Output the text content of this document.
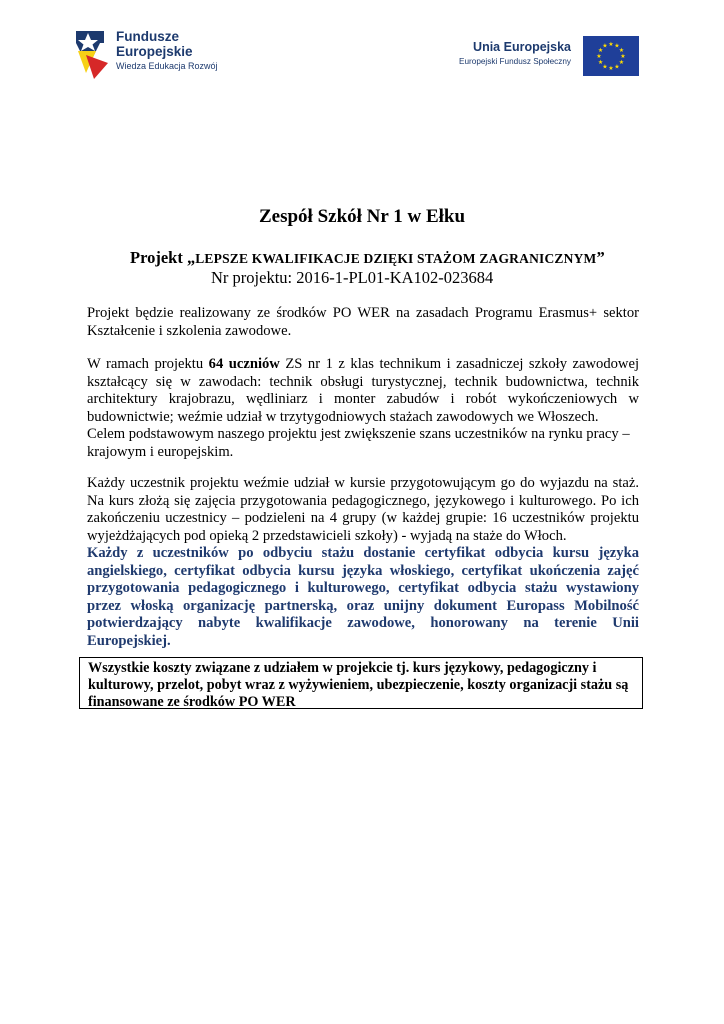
Fundusze
Europejskie
Wiedza Edukacja Rozwój
Unia Europejska
Europejski Fundusz Społeczny
★ ★
★
★
★
★
★
★
★
★
★
★
Zespół Szkół Nr 1 w Ełku
Projekt „LEPSZE KWALIFIKACJE DZIĘKI STAŻOM ZAGRANICZNYM”
Nr projektu: 2016-1-PL01-KA102-023684

Projekt będzie realizowany ze środków PO WER na zasadach Programu Erasmus+ sektor Kształcenie i szkolenia zawodowe.

W ramach projektu 64 uczniów ZS nr 1 z klas technikum i zasadniczej szkoły zawodowej kształcący się w zawodach: technik obsługi turystycznej, technik budownictwa, technik architektury krajobrazu, wędliniarz i monter zabudów i robót wykończeniowych w budownictwie; weźmie udział w trzytygodniowych stażach zawodowych we Włoszech.

Celem podstawowym naszego projektu jest zwiększenie szans uczestników na rynku pracy – krajowym i europejskim.

Każdy uczestnik projektu weźmie udział w kursie przygotowującym go do wyjazdu na staż. Na kurs złożą się zajęcia przygotowania pedagogicznego, językowego i kulturowego. Po ich zakończeniu uczestnicy – podzieleni na 4 grupy (w każdej grupie: 16 uczestników projektu wyjeżdżających pod opieką 2 przedstawicieli szkoły) - wyjadą na staże do Włoch.

Każdy z uczestników po odbyciu stażu dostanie certyfikat odbycia kursu języka angielskiego, certyfikat odbycia kursu języka włoskiego, certyfikat ukończenia zajęć przygotowania pedagogicznego i kulturowego, certyfikat odbycia stażu wystawiony przez włoską organizację partnerską, oraz unijny dokument Europass Mobilność potwierdzający nabyte kwalifikacje zawodowe, honorowany na terenie Unii Europejskiej.

Wszystkie koszty związane z udziałem w projekcie tj. kurs językowy, pedagogiczny i kulturowy, przelot, pobyt wraz z wyżywieniem, ubezpieczenie, koszty organizacji stażu są finansowane ze środków PO WER
